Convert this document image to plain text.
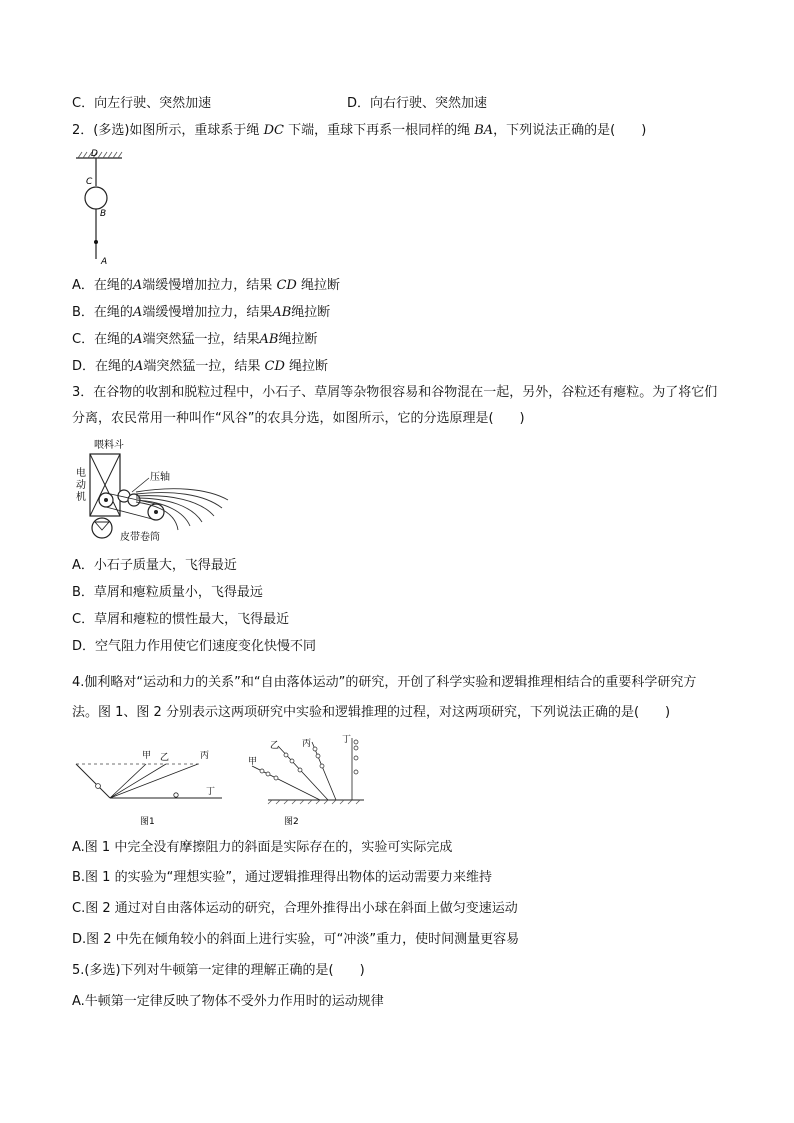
C．向左行驶、突然加速	D．向右行驶、突然加速
2．(多选)如图所示，重球系于绳 DC 下端，重球下再系一根同样的绳 BA，下列说法正确的是(　　)
D
C
B
A
A．在绳的A端缓慢增加拉力，结果 CD 绳拉断
B．在绳的A端缓慢增加拉力，结果AB绳拉断
C．在绳的A端突然猛一拉，结果AB绳拉断
D．在绳的A端突然猛一拉，结果 CD 绳拉断
3．在谷物的收割和脱粒过程中，小石子、草屑等杂物很容易和谷物混在一起，另外，谷粒还有瘪粒。为了将它们分离，农民常用一种叫作“风谷”的农具分选，如图所示，它的分选原理是(　　)
喂料斗
电
动
机
压轴
皮带卷筒
A．小石子质量大，飞得最近
B．草屑和瘪粒质量小，飞得最远
C．草屑和瘪粒的惯性最大，飞得最近
D．空气阻力作用使它们速度变化快慢不同
4.伽利略对“运动和力的关系”和“自由落体运动”的研究，开创了科学实验和逻辑推理相结合的重要科学研究方法。图 1、图 2 分别表示这两项研究中实验和逻辑推理的过程，对这两项研究，下列说法正确的是(　　)
甲 乙	丙
丁
图1
甲
乙	丙	丁
图2
A.图 1 中完全没有摩擦阻力的斜面是实际存在的，实验可实际完成
B.图 1 的实验为“理想实验”，通过逻辑推理得出物体的运动需要力来维持
C.图 2 通过对自由落体运动的研究，合理外推得出小球在斜面上做匀变速运动
D.图 2 中先在倾角较小的斜面上进行实验，可“冲淡”重力，使时间测量更容易
5.(多选)下列对牛顿第一定律的理解正确的是(　　)
A.牛顿第一定律反映了物体不受外力作用时的运动规律
